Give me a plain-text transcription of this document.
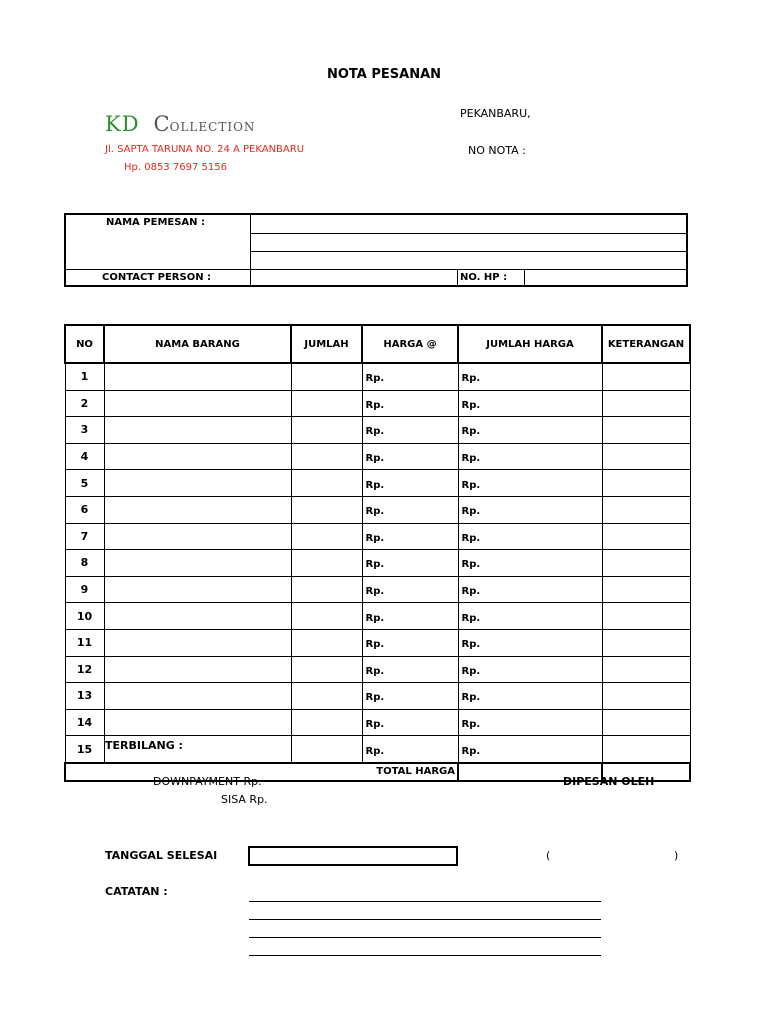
NOTA PESANAN
KD COLLECTION
Jl. SAPTA TARUNA NO. 24 A PEKANBARU
Hp. 0853 7697 5156
PEKANBARU,
NO NOTA :
NAMA PEMESAN :
CONTACT PERSON :	NO. HP :
NO	NAMA BARANG	JUMLAH	HARGA @	JUMLAH HARGA	KETERANGAN
1			Rp.	Rp.	
2			Rp.	Rp.	
3			Rp.	Rp.	
4			Rp.	Rp.	
5			Rp.	Rp.	
6			Rp.	Rp.	
7			Rp.	Rp.	
8			Rp.	Rp.	
9			Rp.	Rp.	
10			Rp.	Rp.	
11			Rp.	Rp.	
12			Rp.	Rp.	
13			Rp.	Rp.	
14			Rp.	Rp.	
15			Rp.	Rp.	
TOTAL HARGA					
TERBILANG :
DOWNPAYMENT Rp.
SISA Rp.
DIPESAN OLEH
TANGGAL SELESAI	(	)
CATATAN :
